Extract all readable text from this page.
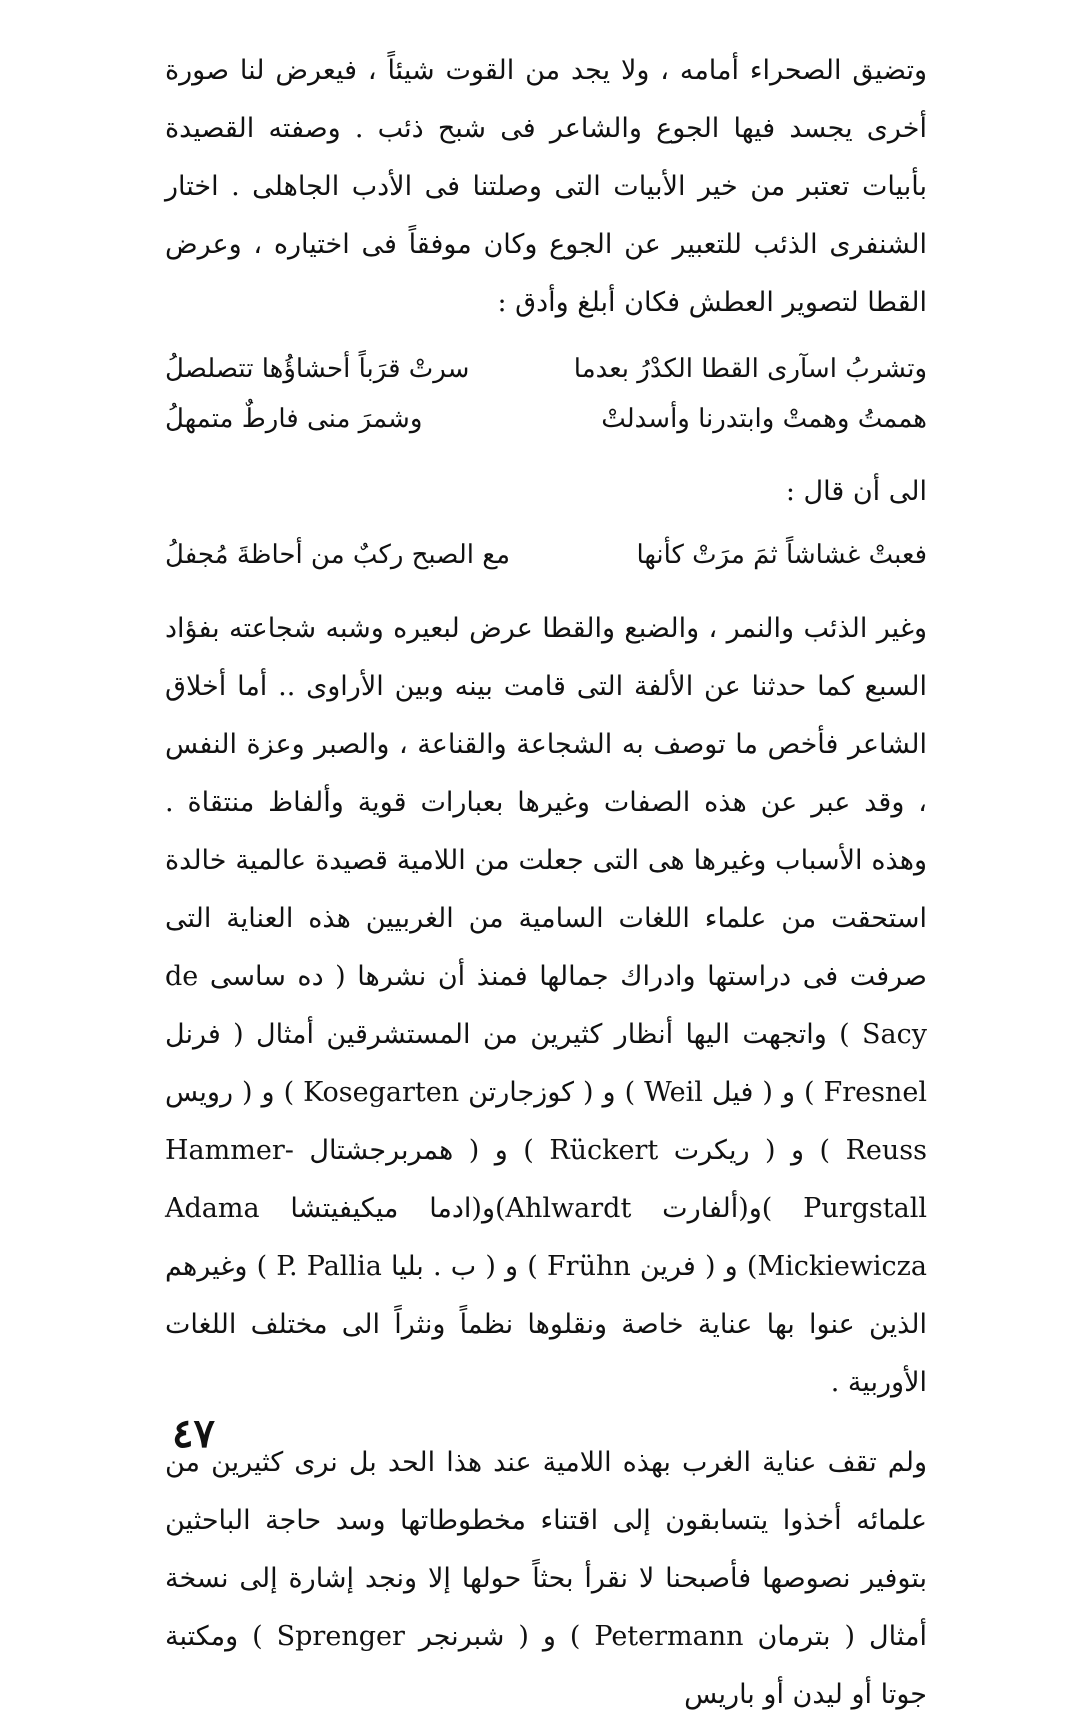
وتضيق الصحراء أمامه ، ولا يجد من القوت شيئاً ، فيعرض لنا صورة أخرى يجسد فيها الجوع والشاعر فى شبح ذئب . وصفته القصيدة بأبيات تعتبر من خير الأبيات التى وصلتنا فى الأدب الجاهلى . اختار الشنفرى الذئب للتعبير عن الجوع وكان موفقاً فى اختياره ، وعرض القطا لتصوير العطش فكان أبلغ وأدق :

وتشربُ اسآرى القطا الكدْرُ بعدما
سرتْ قرَباً أحشاؤُها تتصلصلُ
هممتُ وهمتْ وابتدرنا وأسدلتْ
وشمرَ منى فارطٌ متمهلُ
الى أن قال :
فعبتْ غشاشاً ثمَ مرَتْ كأنها
مع الصبح ركبٌ من أحاظةَ مُجفلُ

وغير الذئب والنمر ، والضبع والقطا عرض لبعيره وشبه شجاعته بفؤاد السبع كما حدثنا عن الألفة التى قامت بينه وبين الأراوى .. أما أخلاق الشاعر فأخص ما توصف به الشجاعة والقناعة ، والصبر وعزة النفس ، وقد عبر عن هذه الصفات وغيرها بعبارات قوية وألفاظ منتقاة . وهذه الأسباب وغيرها هى التى جعلت من اللامية قصيدة عالمية خالدة استحقت من علماء اللغات السامية من الغربيين هذه العناية التى صرفت فى دراستها وادراك جمالها فمنذ أن نشرها ( ده ساسى de Sacy ) واتجهت اليها أنظار كثيرين من المستشرقين أمثال ( فرنل Fresnel ) و ( فيل Weil ) و ( كوزجارتن Kosegarten ) و ( رويس Reuss ) و ( ريكرت Rückert ) و ( همربرجشتال Hammer-Purgstall )و(ألفارت Ahlwardt)و(ادما ميكيفيتشا Adama Mickiewicza) و ( فرين Frühn ) و ( ب . بليا P. Pallia ) وغيرهم الذين عنوا بها عناية خاصة ونقلوها نظماً ونثراً الى مختلف اللغات الأوربية .

ولم تقف عناية الغرب بهذه اللامية عند هذا الحد بل نرى كثيرين من علمائه أخذوا يتسابقون إلى اقتناء مخطوطاتها وسد حاجة الباحثين بتوفير نصوصها فأصبحنا لا نقرأ بحثاً حولها إلا ونجد إشارة إلى نسخة أمثال ( بترمان Petermann ) و ( شبرنجر Sprenger ) ومكتبة جوتا أو ليدن أو باريس

٤٧
